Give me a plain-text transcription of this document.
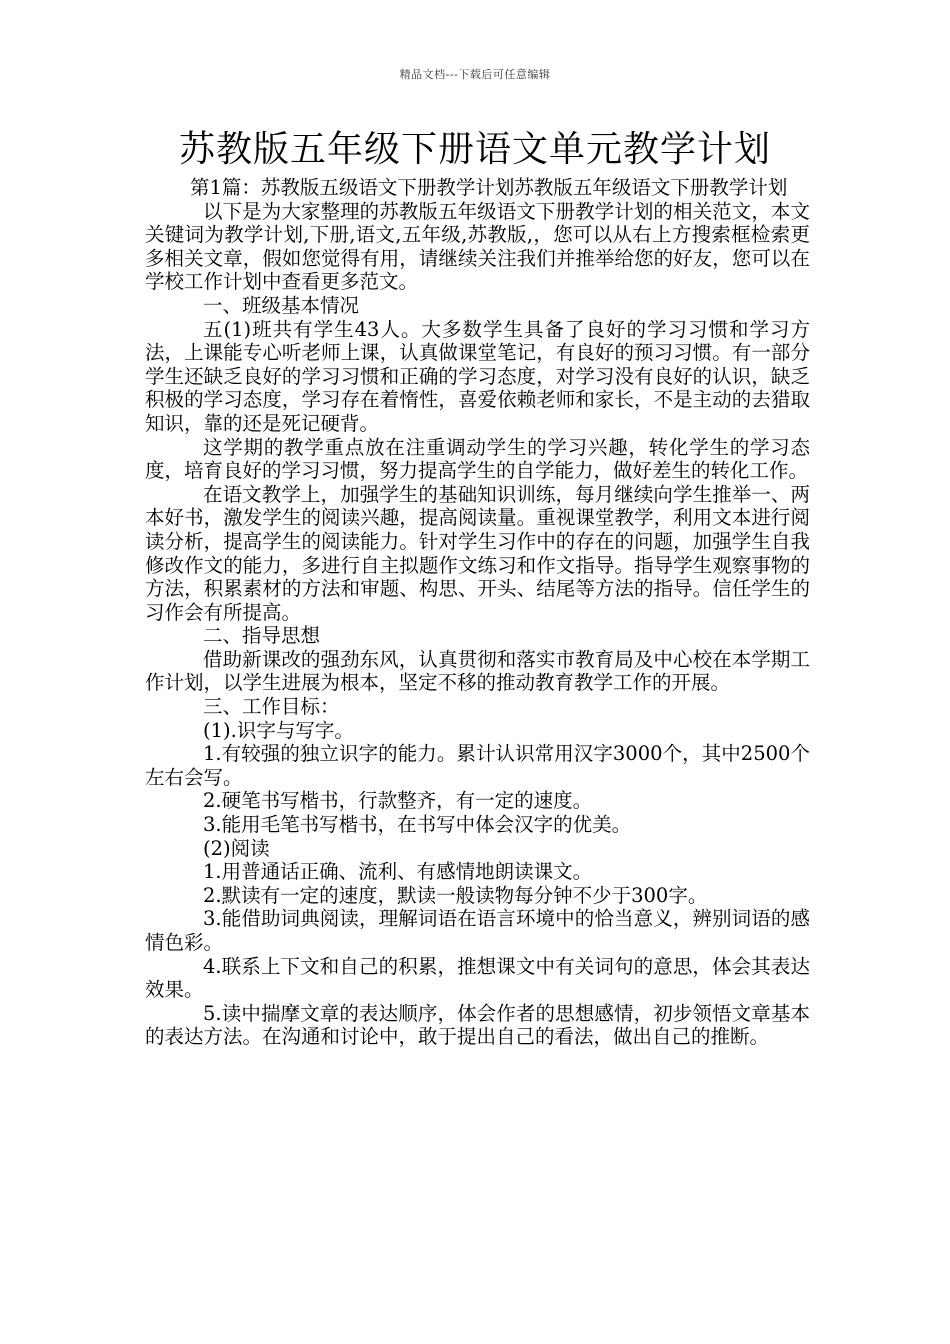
精品文档---下载后可任意编辑
苏教版五年级下册语文单元教学计划

第1篇：苏教版五级语文下册教学计划苏教版五年级语文下册教学计划

以下是为大家整理的苏教版五年级语文下册教学计划的相关范文，本文关键词为教学计划,下册,语文,五年级,苏教版,，您可以从右上方搜索框检索更多相关文章，假如您觉得有用，请继续关注我们并推举给您的好友，您可以在学校工作计划中查看更多范文。

一、班级基本情况

五(1)班共有学生43人。大多数学生具备了良好的学习习惯和学习方法，上课能专心听老师上课，认真做课堂笔记，有良好的预习习惯。有一部分学生还缺乏良好的学习习惯和正确的学习态度，对学习没有良好的认识，缺乏积极的学习态度，学习存在着惰性，喜爱依赖老师和家长，不是主动的去猎取知识，靠的还是死记硬背。

这学期的教学重点放在注重调动学生的学习兴趣，转化学生的学习态度，培育良好的学习习惯，努力提高学生的自学能力，做好差生的转化工作。

在语文教学上，加强学生的基础知识训练，每月继续向学生推举一、两本好书，激发学生的阅读兴趣，提高阅读量。重视课堂教学，利用文本进行阅读分析，提高学生的阅读能力。针对学生习作中的存在的问题，加强学生自我修改作文的能力，多进行自主拟题作文练习和作文指导。指导学生观察事物的方法，积累素材的方法和审题、构思、开头、结尾等方法的指导。信任学生的习作会有所提高。

二、指导思想

借助新课改的强劲东风，认真贯彻和落实市教育局及中心校在本学期工作计划，以学生进展为根本，坚定不移的推动教育教学工作的开展。

三、工作目标：

(1).识字与写字。

1.有较强的独立识字的能力。累计认识常用汉字3000个，其中2500个左右会写。

2.硬笔书写楷书，行款整齐，有一定的速度。

3.能用毛笔书写楷书，在书写中体会汉字的优美。

(2)阅读

1.用普通话正确、流利、有感情地朗读课文。

2.默读有一定的速度，默读一般读物每分钟不少于300字。

3.能借助词典阅读，理解词语在语言环境中的恰当意义，辨别词语的感情色彩。

4.联系上下文和自己的积累，推想课文中有关词句的意思，体会其表达效果。

5.读中揣摩文章的表达顺序，体会作者的思想感情，初步领悟文章基本的表达方法。在沟通和讨论中，敢于提出自己的看法，做出自己的推断。
